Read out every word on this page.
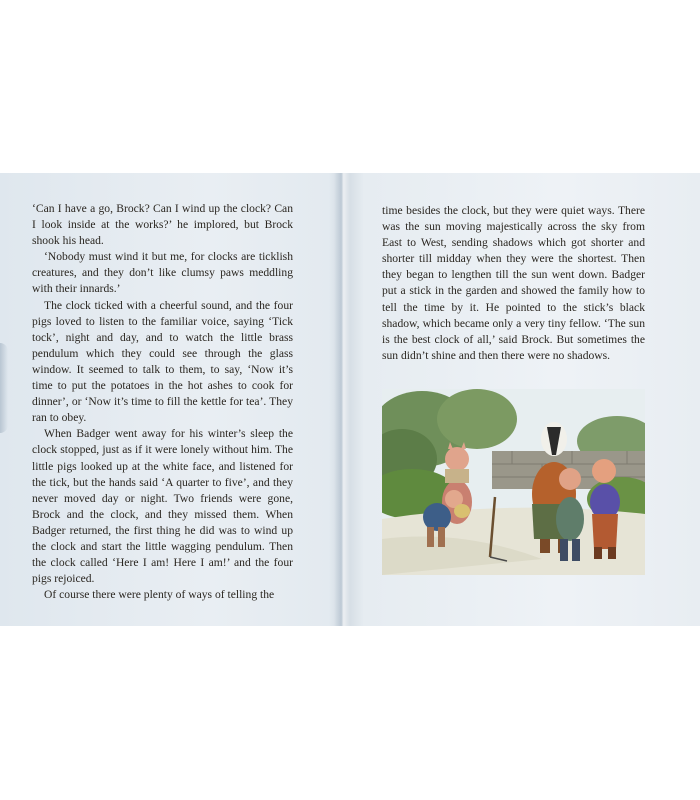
‘Can I have a go, Brock? Can I wind up the clock? Can I look inside at the works?’ he implored, but Brock shook his head.

‘Nobody must wind it but me, for clocks are ticklish creatures, and they don’t like clumsy paws meddling with their innards.’

The clock ticked with a cheerful sound, and the four pigs loved to listen to the familiar voice, saying ‘Tick tock’, night and day, and to watch the little brass pendulum which they could see through the glass window. It seemed to talk to them, to say, ‘Now it’s time to put the potatoes in the hot ashes to cook for dinner’, or ‘Now it’s time to fill the kettle for tea’. They ran to obey.

When Badger went away for his winter’s sleep the clock stopped, just as if it were lonely without him. The little pigs looked up at the white face, and listened for the tick, but the hands said ‘A quarter to five’, and they never moved day or night. Two friends were gone, Brock and the clock, and they missed them. When Badger returned, the first thing he did was to wind up the clock and start the little wagging pendulum. Then the clock called ‘Here I am! Here I am!’ and the four pigs rejoiced.

Of course there were plenty of ways of telling the

time besides the clock, but they were quiet ways. There was the sun moving majestically across the sky from East to West, sending shadows which got shorter and shorter till midday when they were the shortest. Then they began to lengthen till the sun went down. Badger put a stick in the garden and showed the family how to tell the time by it. He pointed to the stick’s black shadow, which became only a very tiny fellow. ‘The sun is the best clock of all,’ said Brock. But sometimes the sun didn’t shine and then there were no shadows.
